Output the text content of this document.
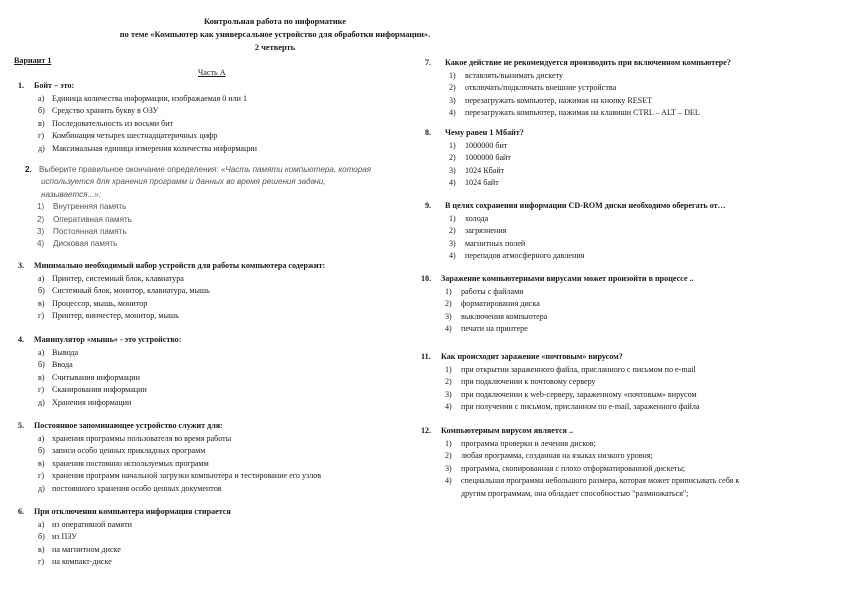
Контрольная работа по информатике
по теме «Компьютер как универсальное устройство для обработки информации».
2 четверть
Вариант 1
Часть А
1. Бойт – это:
а) Единица количества информации, изображаемая 0 или 1
б) Средство хранить букву в ОЗУ
в) Последовательность из восьми бит
г) Комбинация четырех шестнадцатеричных цифр
д) Максимальная единица измерения количества информации
2. Выберите правильное окончание определения: «Часть памяти компьютера, которая
используется для хранения программ и данных во время решения задачи,
называется...»:
1) Внутренняя память
2) Оперативная память
3) Постоянная память
4) Дисковая память
3. Минимально необходимый набор устройств для работы компьютера содержит:
а) Принтер, системный блок, клавиатура
б) Системный блок, монитор, клавиатура, мышь
в) Процессор, мышь, монитор
г) Принтер, винчестер, монитор, мышь
4. Манипулятор «мышь» - это устройство:
а) Вывода
б) Ввода
в) Считывания информации
г) Сканирования информации
д) Хранения информации
5. Постоянное запоминающее устройство служит для:
а) хранения программы пользователя во время работы
б) записи особо ценных прикладных программ
в) хранения постоянно используемых программ
г) хранения программ начальной загрузки компьютера и тестирование его узлов
д) постоянного хранения особо ценных документов
6. При отключении компьютера информация стирается
а) из оперативной памяти
б) из ПЗУ
в) на магнитном диске
г) на компакт-диске
7. Какое действие не рекомендуется производить при включенном компьютере?
1) вставлять/вынимать дискету
2) отключать/подключать внешние устройства
3) перезагружать компьютер, нажимая на кнопку RESET
4) перезагружать компьютер, нажимая на клавиши CTRL – ALT – DEL
8. Чему равен 1 Мбайт?
1) 1000000 бит
2) 1000000 байт
3) 1024 Кбайт
4) 1024 байт
9. В целях сохранения информации CD-ROM диски необходимо оберегать от…
1) холода
2) загрязнения
3) магнитных полей
4) перепадов атмосферного давления
10. Заражение компьютерными вирусами может произойти в процессе ..
1) работы с файлами
2) форматирования диска
3) выключения компьютера
4) печати на принтере
11. Как происходит заражение «почтовым» вирусом?
1) при открытии зараженного файла, присланного с письмом по e-mail
2) при подключении к почтовому серверу
3) при подключении к web-серверу, зараженному «почтовым» вирусом
4) при получении с письмом, присланном по e-mail, зараженного файла
12. Компьютерным вирусом является ..
1) программа проверки и лечения дисков;
2) любая программа, созданная на языках низкого уровня;
3) программа, скопированная с плохо отформатированной дискеты;
4) специальная программа небольшого размера, которая может приписывать себя к
другим программам, она обладает способностью "размножаться";
